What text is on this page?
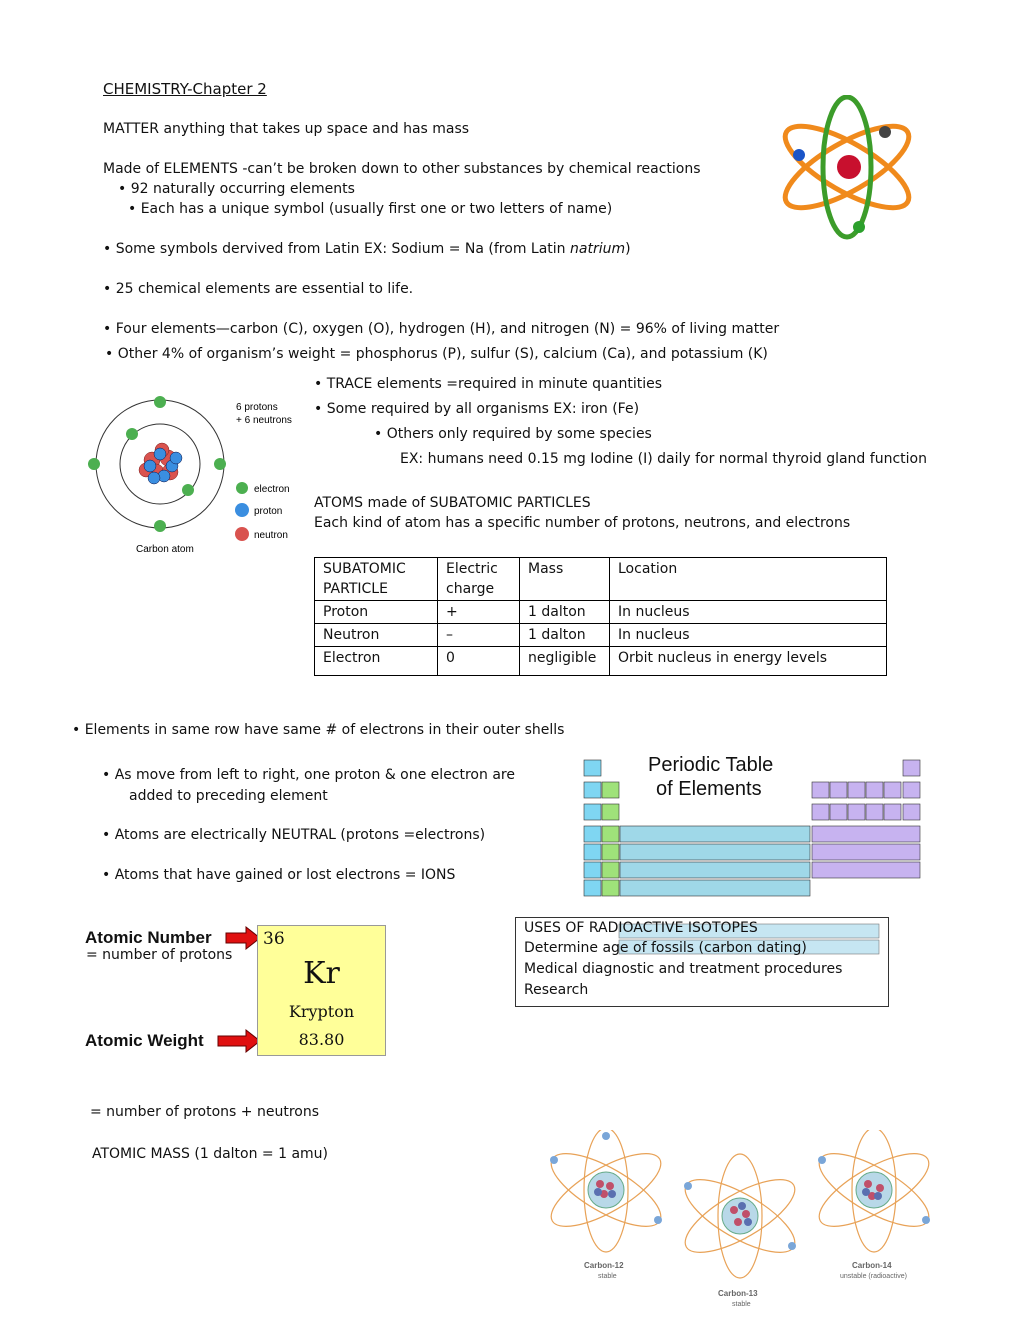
CHEMISTRY-Chapter 2
MATTER anything that takes up space and has mass
Made of ELEMENTS -can’t be broken down to other substances by chemical reactions
• 92 naturally occurring elements
• Each has a unique symbol (usually first one or two letters of name)
• Some symbols dervived from Latin EX: Sodium = Na (from Latin natrium)
• 25 chemical elements are essential to life.
• Four elements—carbon (C), oxygen (O), hydrogen (H), and nitrogen (N) = 96% of living matter
• Other 4% of organism’s weight = phosphorus (P), sulfur (S), calcium (Ca), and potassium (K)
• TRACE elements =required in minute quantities
• Some required by all organisms EX: iron (Fe)
• Others only required by some species
EX: humans need 0.15 mg Iodine (I) daily for normal thyroid gland function
ATOMS made of SUBATOMIC PARTICLES
Each kind of atom has a specific number of protons, neutrons, and electrons
6 protons
+ 6 neutrons
electron
proton
neutron
Carbon atom
SUBATOMIC PARTICLE	Electric charge	Mass	Location
Proton	+	1 dalton	In nucleus
Neutron	–	1 dalton	In nucleus
Electron	0	negligible	Orbit nucleus in energy levels
• Elements in same row have same # of electrons in their outer shells
• As move from left to right, one proton & one electron are
added to preceding element
• Atoms are electrically NEUTRAL (protons =electrons)
• Atoms that have gained or lost electrons = IONS
Periodic Table
of Elements
Atomic Number
= number of protons
Atomic Weight
36
Kr
Krypton
83.80
USES OF RADIOACTIVE ISOTOPES
Determine age of fossils (carbon dating)
Medical diagnostic and treatment procedures
Research
= number of protons + neutrons
ATOMIC MASS (1 dalton = 1 amu)
Carbon-12
stable
Carbon-13
stable
Carbon-14
unstable (radioactive)
